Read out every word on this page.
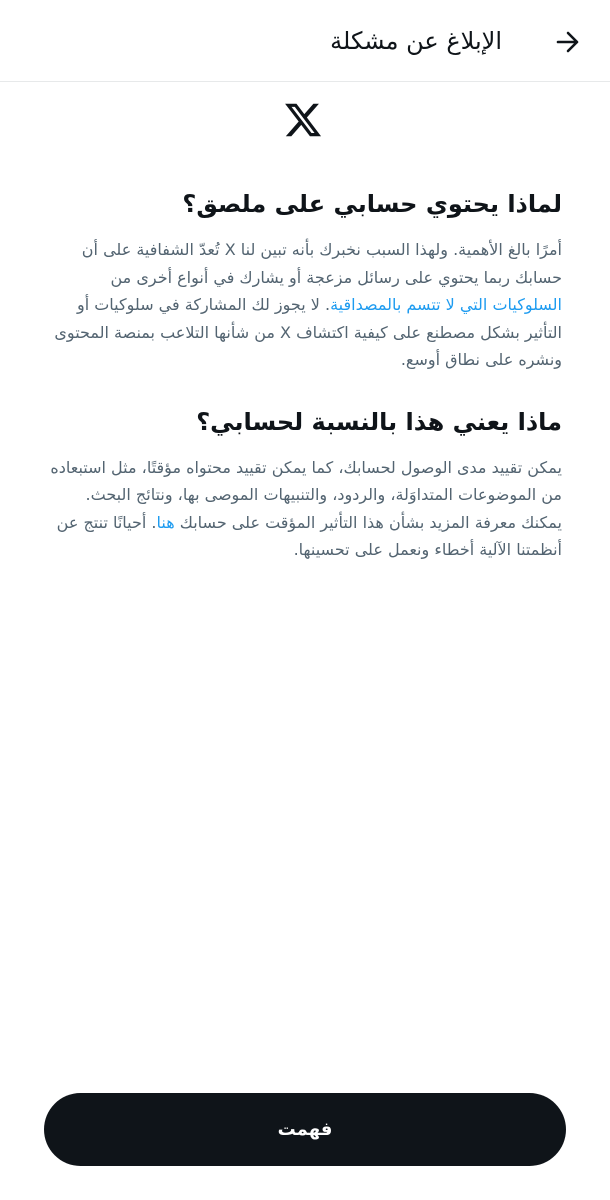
الإبلاغ عن مشكلة
لماذا يحتوي حسابي على ملصق؟

أمرًا بالغ الأهمية. ولهذا السبب نخبرك بأنه تبين لنا X تُعدّ الشفافية على أن حسابك ربما يحتوي على رسائل مزعجة أو يشارك في أنواع أخرى من السلوكيات التي لا تتسم بالمصداقية. لا يجوز لك المشاركة في سلوكيات أو التأثير بشكل مصطنع على كيفية اكتشاف X من شأنها التلاعب بمنصة المحتوى ونشره على نطاق أوسع.

ماذا يعني هذا بالنسبة لحسابي؟

يمكن تقييد مدى الوصول لحسابك، كما يمكن تقييد محتواه مؤقتًا، مثل استبعاده من الموضوعات المتداوَلة، والردود، والتنبيهات الموصى بها، ونتائج البحث. يمكنك معرفة المزيد بشأن هذا التأثير المؤقت على حسابك هنا. أحيانًا تنتج عن أنظمتنا الآلية أخطاء ونعمل على تحسينها.

فهمت
